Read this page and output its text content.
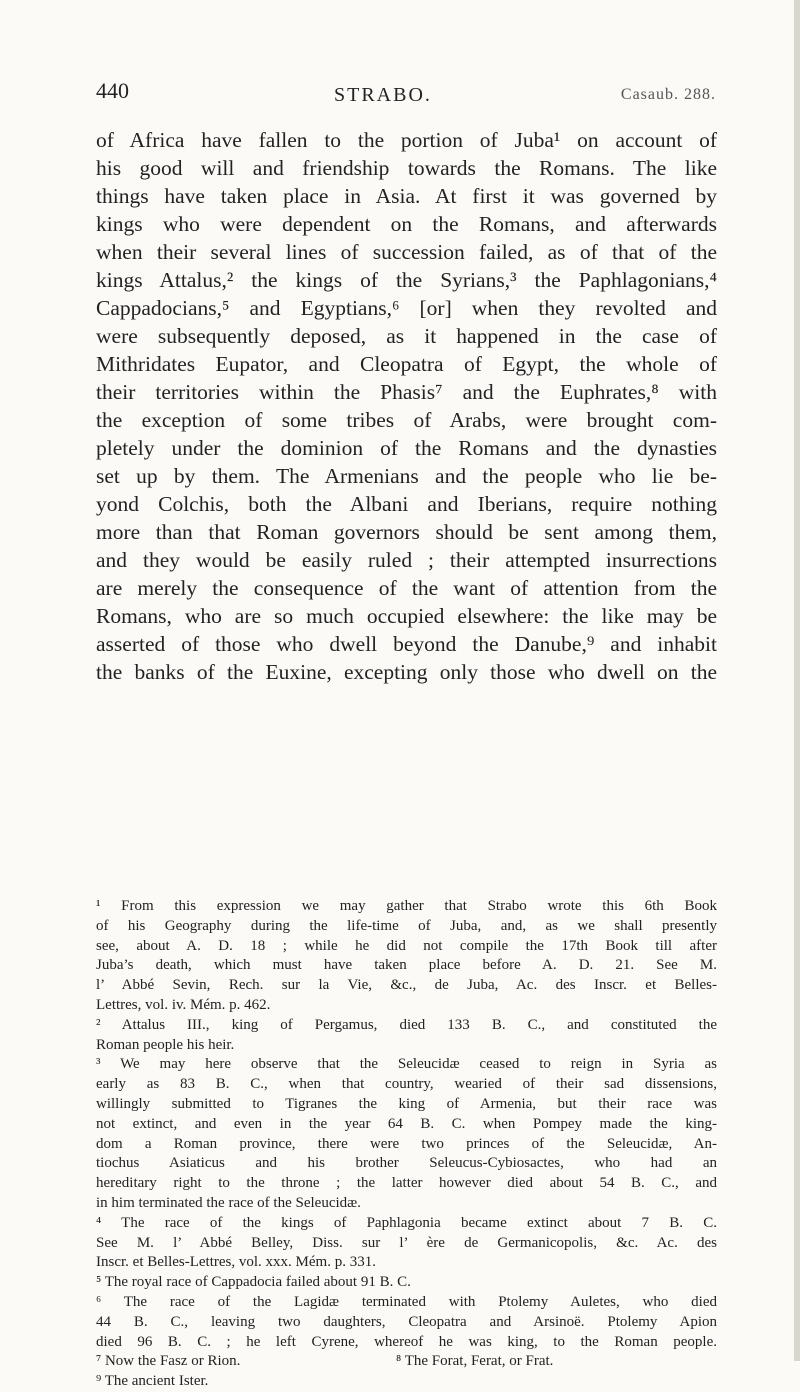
440	STRABO.	Casaub. 288.
of Africa have fallen to the portion of Juba¹ on account of
his good will and friendship towards the Romans. The like
things have taken place in Asia. At first it was governed by
kings who were dependent on the Romans, and afterwards
when their several lines of succession failed, as of that of the
kings Attalus,² the kings of the Syrians,³ the Paphlagonians,⁴
Cappadocians,⁵ and Egyptians,⁶ [or] when they revolted and
were subsequently deposed, as it happened in the case of
Mithridates Eupator, and Cleopatra of Egypt, the whole of
their territories within the Phasis⁷ and the Euphrates,⁸ with
the exception of some tribes of Arabs, were brought com-
pletely under the dominion of the Romans and the dynasties
set up by them. The Armenians and the people who lie be-
yond Colchis, both the Albani and Iberians, require nothing
more than that Roman governors should be sent among them,
and they would be easily ruled ; their attempted insurrections
are merely the consequence of the want of attention from the
Romans, who are so much occupied elsewhere: the like may be
asserted of those who dwell beyond the Danube,⁹ and inhabit
the banks of the Euxine, excepting only those who dwell on the
¹ From this expression we may gather that Strabo wrote this 6th Book
of his Geography during the life-time of Juba, and, as we shall presently
see, about A. D. 18 ; while he did not compile the 17th Book till after
Juba’s death, which must have taken place before A. D. 21. See M.
l’ Abbé Sevin, Rech. sur la Vie, &c., de Juba, Ac. des Inscr. et Belles-
Lettres, vol. iv. Mém. p. 462.
² Attalus III., king of Pergamus, died 133 B. C., and constituted the
Roman people his heir.
³ We may here observe that the Seleucidæ ceased to reign in Syria as
early as 83 B. C., when that country, wearied of their sad dissensions,
willingly submitted to Tigranes the king of Armenia, but their race was
not extinct, and even in the year 64 B. C. when Pompey made the king-
dom a Roman province, there were two princes of the Seleucidæ, An-
tiochus Asiaticus and his brother Seleucus-Cybiosactes, who had an
hereditary right to the throne ; the latter however died about 54 B. C., and
in him terminated the race of the Seleucidæ.
⁴ The race of the kings of Paphlagonia became extinct about 7 B. C.
See M. l’ Abbé Belley, Diss. sur l’ ère de Germanicopolis, &c. Ac. des
Inscr. et Belles-Lettres, vol. xxx. Mém. p. 331.
⁵ The royal race of Cappadocia failed about 91 B. C.
⁶ The race of the Lagidæ terminated with Ptolemy Auletes, who died
44 B. C., leaving two daughters, Cleopatra and Arsinoë. Ptolemy Apion
died 96 B. C. ; he left Cyrene, whereof he was king, to the Roman people.
⁷ Now the Fasz or Rion.	⁸ The Forat, Ferat, or Frat.
⁹ The ancient Ister.
